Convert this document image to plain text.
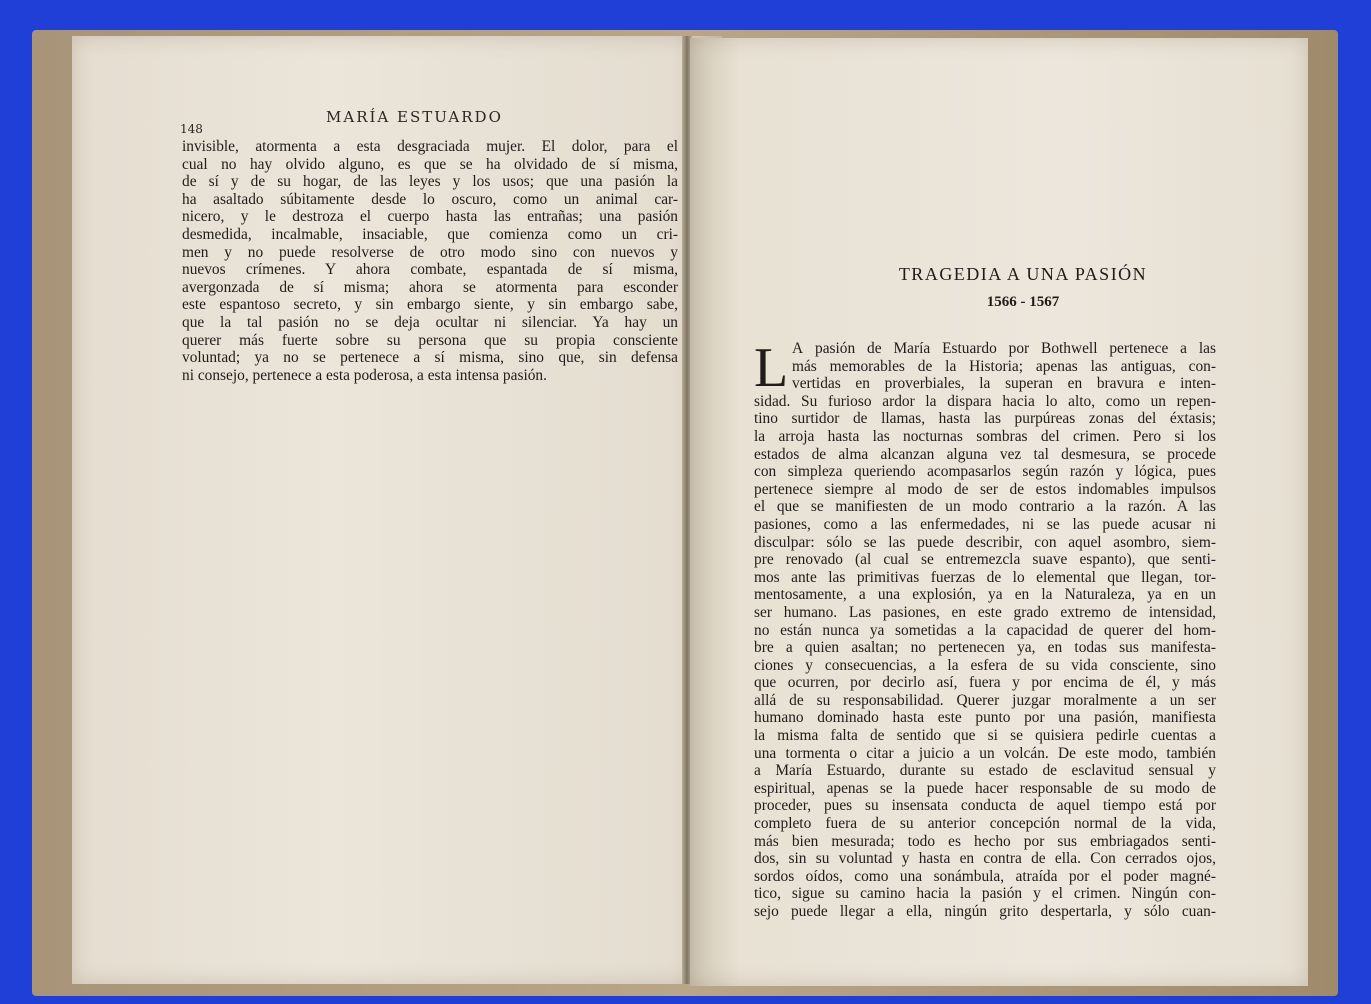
148
MARÍA ESTUARDO
invisible, atormenta a esta desgraciada mujer. El dolor, para el
cual no hay olvido alguno, es que se ha olvidado de sí misma,
de sí y de su hogar, de las leyes y los usos; que una pasión la
ha asaltado súbitamente desde lo oscuro, como un animal car-
nicero, y le destroza el cuerpo hasta las entrañas; una pasión
desmedida, incalmable, insaciable, que comienza como un cri-
men y no puede resolverse de otro modo sino con nuevos y
nuevos crímenes. Y ahora combate, espantada de sí misma,
avergonzada de sí misma; ahora se atormenta para esconder
este espantoso secreto, y sin embargo siente, y sin embargo sabe,
que la tal pasión no se deja ocultar ni silenciar. Ya hay un
querer más fuerte sobre su persona que su propia consciente
voluntad; ya no se pertenece a sí misma, sino que, sin defensa
ni consejo, pertenece a esta poderosa, a esta intensa pasión.
TRAGEDIA A UNA PASIÓN
1566 - 1567
L A pasión de María Estuardo por Bothwell pertenece a las
más memorables de la Historia; apenas las antiguas, con-
vertidas en proverbiales, la superan en bravura e inten-
sidad. Su furioso ardor la dispara hacia lo alto, como un repen-
tino surtidor de llamas, hasta las purpúreas zonas del éxtasis;
la arroja hasta las nocturnas sombras del crimen. Pero si los
estados de alma alcanzan alguna vez tal desmesura, se procede
con simpleza queriendo acompasarlos según razón y lógica, pues
pertenece siempre al modo de ser de estos indomables impulsos
el que se manifiesten de un modo contrario a la razón. A las
pasiones, como a las enfermedades, ni se las puede acusar ni
disculpar: sólo se las puede describir, con aquel asombro, siem-
pre renovado (al cual se entremezcla suave espanto), que senti-
mos ante las primitivas fuerzas de lo elemental que llegan, tor-
mentosamente, a una explosión, ya en la Naturaleza, ya en un
ser humano. Las pasiones, en este grado extremo de intensidad,
no están nunca ya sometidas a la capacidad de querer del hom-
bre a quien asaltan; no pertenecen ya, en todas sus manifesta-
ciones y consecuencias, a la esfera de su vida consciente, sino
que ocurren, por decirlo así, fuera y por encima de él, y más
allá de su responsabilidad. Querer juzgar moralmente a un ser
humano dominado hasta este punto por una pasión, manifiesta
la misma falta de sentido que si se quisiera pedirle cuentas a
una tormenta o citar a juicio a un volcán. De este modo, también
a María Estuardo, durante su estado de esclavitud sensual y
espiritual, apenas se la puede hacer responsable de su modo de
proceder, pues su insensata conducta de aquel tiempo está por
completo fuera de su anterior concepción normal de la vida,
más bien mesurada; todo es hecho por sus embriagados senti-
dos, sin su voluntad y hasta en contra de ella. Con cerrados ojos,
sordos oídos, como una sonámbula, atraída por el poder magné-
tico, sigue su camino hacia la pasión y el crimen. Ningún con-
sejo puede llegar a ella, ningún grito despertarla, y sólo cuan-
